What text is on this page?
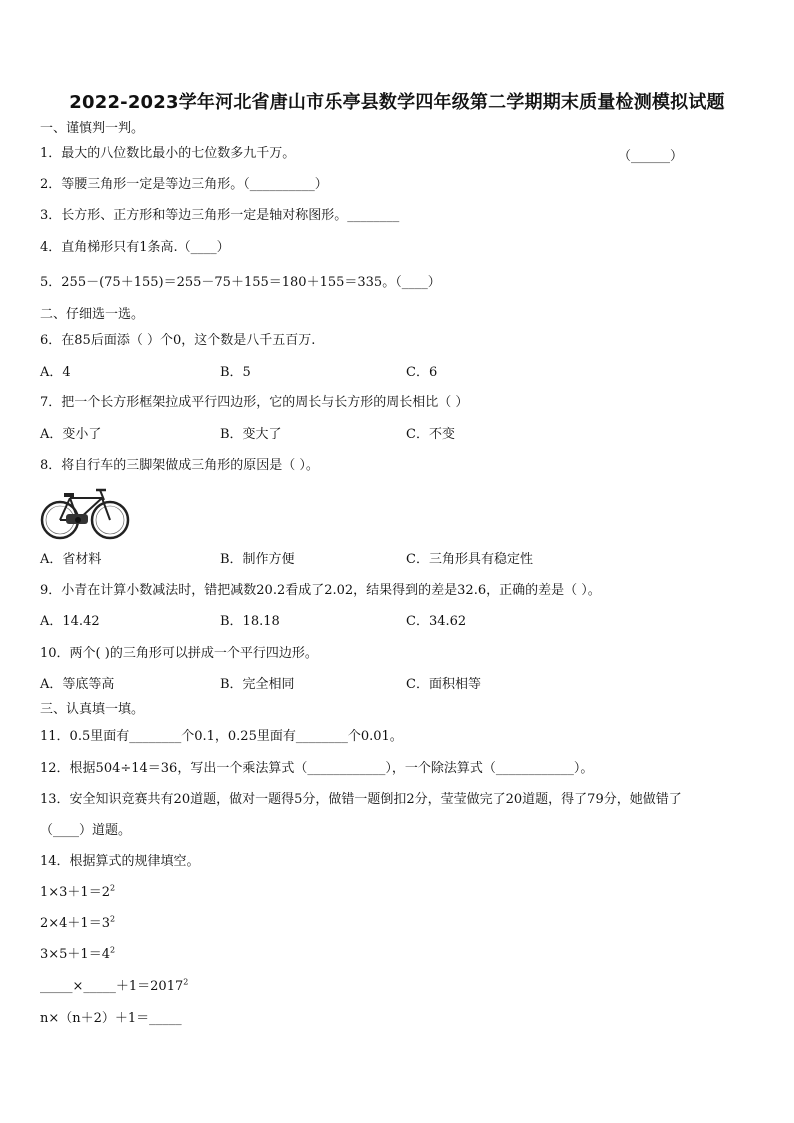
2022-2023学年河北省唐山市乐亭县数学四年级第二学期期末质量检测模拟试题
一、谨慎判一判。
1．最大的八位数比最小的七位数多九千万。	（______）
2．等腰三角形一定是等边三角形。（__________）
3．长方形、正方形和等边三角形一定是轴对称图形。________
4．直角梯形只有1条高.（____）
5．255－(75＋155)＝255－75＋155＝180＋155＝335。（____）
二、仔细选一选。
6．在85后面添（ ）个0，这个数是八千五百万.
A．4	B．5	C．6
7．把一个长方形框架拉成平行四边形，它的周长与长方形的周长相比（ ）
A．变小了	B．变大了	C．不变
8．将自行车的三脚架做成三角形的原因是（ ）。
A．省材料	B．制作方便	C．三角形具有稳定性
9．小青在计算小数减法时，错把减数20.2看成了2.02，结果得到的差是32.6，正确的差是（ ）。
A．14.42	B．18.18	C．34.62
10．两个( )的三角形可以拼成一个平行四边形。
A．等底等高	B．完全相同	C．面积相等
三、认真填一填。
11．0.5里面有________个0.1，0.25里面有________个0.01。
12．根据504÷14＝36，写出一个乘法算式（____________），一个除法算式（____________）。
13．安全知识竞赛共有20道题，做对一题得5分，做错一题倒扣2分，莹莹做完了20道题，得了79分，她做错了
（____）道题。
14．根据算式的规律填空。
$1\times 3+1=2^2$
$2\times 4+1=3^2$
$3\times 5+1=4^2$
$\_\_\_\_\_\times\_\_\_\_\_+1=2017^2$
n×（n＋2）＋1＝_____
